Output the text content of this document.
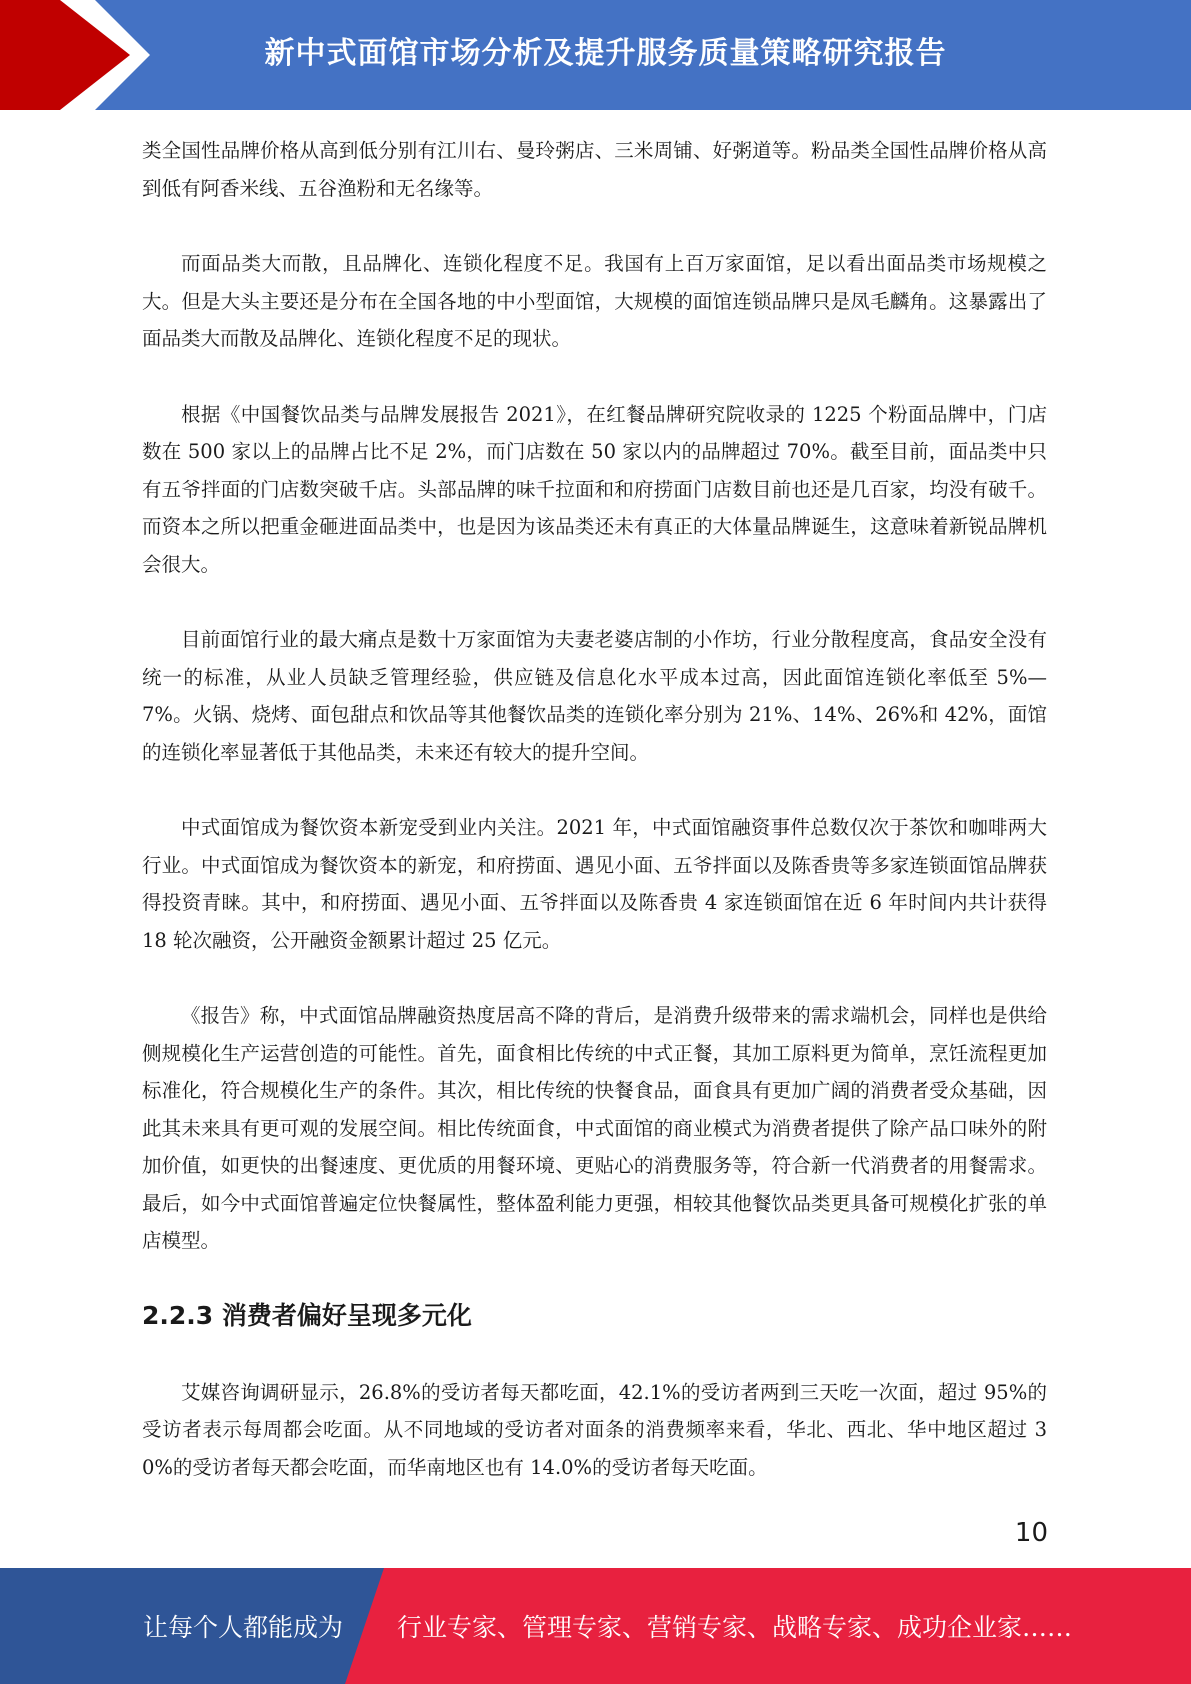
新中式面馆市场分析及提升服务质量策略研究报告

类全国性品牌价格从高到低分别有江川右、曼玲粥店、三米周铺、好粥道等。粉品类全国性品牌价格从高到低有阿香米线、五谷渔粉和无名缘等。

而面品类大而散，且品牌化、连锁化程度不足。我国有上百万家面馆，足以看出面品类市场规模之大。但是大头主要还是分布在全国各地的中小型面馆，大规模的面馆连锁品牌只是凤毛麟角。这暴露出了面品类大而散及品牌化、连锁化程度不足的现状。

根据《中国餐饮品类与品牌发展报告 2021》，在红餐品牌研究院收录的 1225 个粉面品牌中，门店数在 500 家以上的品牌占比不足 2%，而门店数在 50 家以内的品牌超过 70%。截至目前，面品类中只有五爷拌面的门店数突破千店。头部品牌的味千拉面和和府捞面门店数目前也还是几百家，均没有破千。而资本之所以把重金砸进面品类中，也是因为该品类还未有真正的大体量品牌诞生，这意味着新锐品牌机会很大。

目前面馆行业的最大痛点是数十万家面馆为夫妻老婆店制的小作坊，行业分散程度高，食品安全没有统一的标准，从业人员缺乏管理经验，供应链及信息化水平成本过高，因此面馆连锁化率低至 5%—7%。火锅、烧烤、面包甜点和饮品等其他餐饮品类的连锁化率分别为 21%、14%、26%和 42%，面馆的连锁化率显著低于其他品类，未来还有较大的提升空间。

中式面馆成为餐饮资本新宠受到业内关注。2021 年，中式面馆融资事件总数仅次于茶饮和咖啡两大行业。中式面馆成为餐饮资本的新宠，和府捞面、遇见小面、五爷拌面以及陈香贵等多家连锁面馆品牌获得投资青睐。其中，和府捞面、遇见小面、五爷拌面以及陈香贵 4 家连锁面馆在近 6 年时间内共计获得 18 轮次融资，公开融资金额累计超过 25 亿元。

《报告》称，中式面馆品牌融资热度居高不降的背后，是消费升级带来的需求端机会，同样也是供给侧规模化生产运营创造的可能性。首先，面食相比传统的中式正餐，其加工原料更为简单，烹饪流程更加标准化，符合规模化生产的条件。其次，相比传统的快餐食品，面食具有更加广阔的消费者受众基础，因此其未来具有更可观的发展空间。相比传统面食，中式面馆的商业模式为消费者提供了除产品口味外的附加价值，如更快的出餐速度、更优质的用餐环境、更贴心的消费服务等，符合新一代消费者的用餐需求。最后，如今中式面馆普遍定位快餐属性，整体盈利能力更强，相较其他餐饮品类更具备可规模化扩张的单店模型。

2.2.3 消费者偏好呈现多元化

艾媒咨询调研显示，26.8%的受访者每天都吃面，42.1%的受访者两到三天吃一次面，超过 95%的受访者表示每周都会吃面。从不同地域的受访者对面条的消费频率来看，华北、西北、华中地区超过 30%的受访者每天都会吃面，而华南地区也有 14.0%的受访者每天吃面。

10
让每个人都能成为 行业专家、管理专家、营销专家、战略专家、成功企业家……
